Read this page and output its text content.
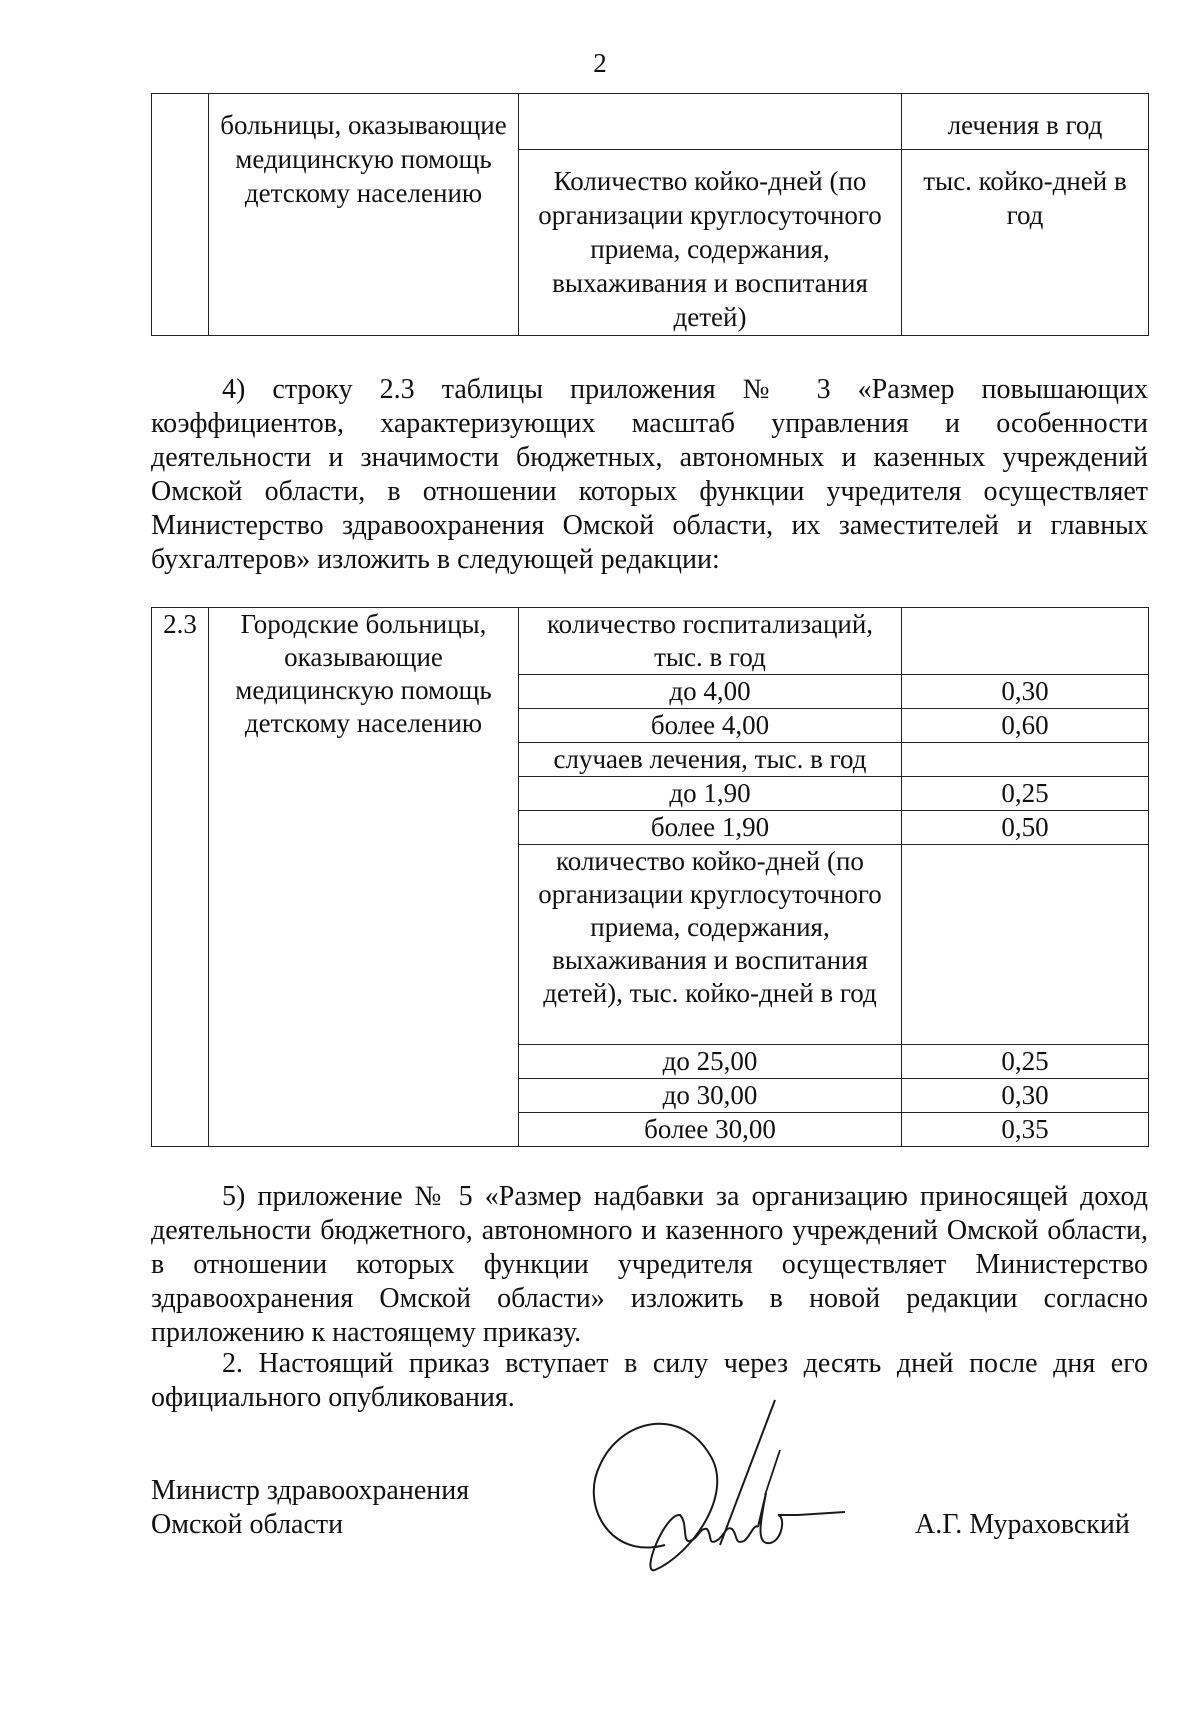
2
	больницы, оказывающие медицинскую помощь детскому населению		лечения в год
		Количество койко-дней (по организации круглосуточного приема, содержания, выхаживания и воспитания детей)	тыс. койко-дней в год

4) строку 2.3 таблицы приложения № 3 «Размер повышающих коэффициентов, характеризующих масштаб управления и особенности деятельности и значимости бюджетных, автономных и казенных учреждений Омской области, в отношении которых функции учредителя осуществляет Министерство здравоохранения Омской области, их заместителей и главных бухгалтеров» изложить в следующей редакции:

2.3	Городские больницы, оказывающие медицинскую помощь детскому населению	количество госпитализаций, тыс. в год	
		до 4,00	0,30
		более 4,00	0,60
		случаев лечения, тыс. в год	
		до 1,90	0,25
		более 1,90	0,50
		количество койко-дней (по организации круглосуточного приема, содержания, выхаживания и воспитания детей), тыс. койко-дней в год	
		до 25,00	0,25
		до 30,00	0,30
		более 30,00	0,35

5) приложение № 5 «Размер надбавки за организацию приносящей доход деятельности бюджетного, автономного и казенного учреждений Омской области, в отношении которых функции учредителя осуществляет Министерство здравоохранения Омской области» изложить в новой редакции согласно приложению к настоящему приказу.

2. Настоящий приказ вступает в силу через десять дней после дня его официального опубликования.

Министр здравоохранения
Омской области	А.Г. Мураховский
